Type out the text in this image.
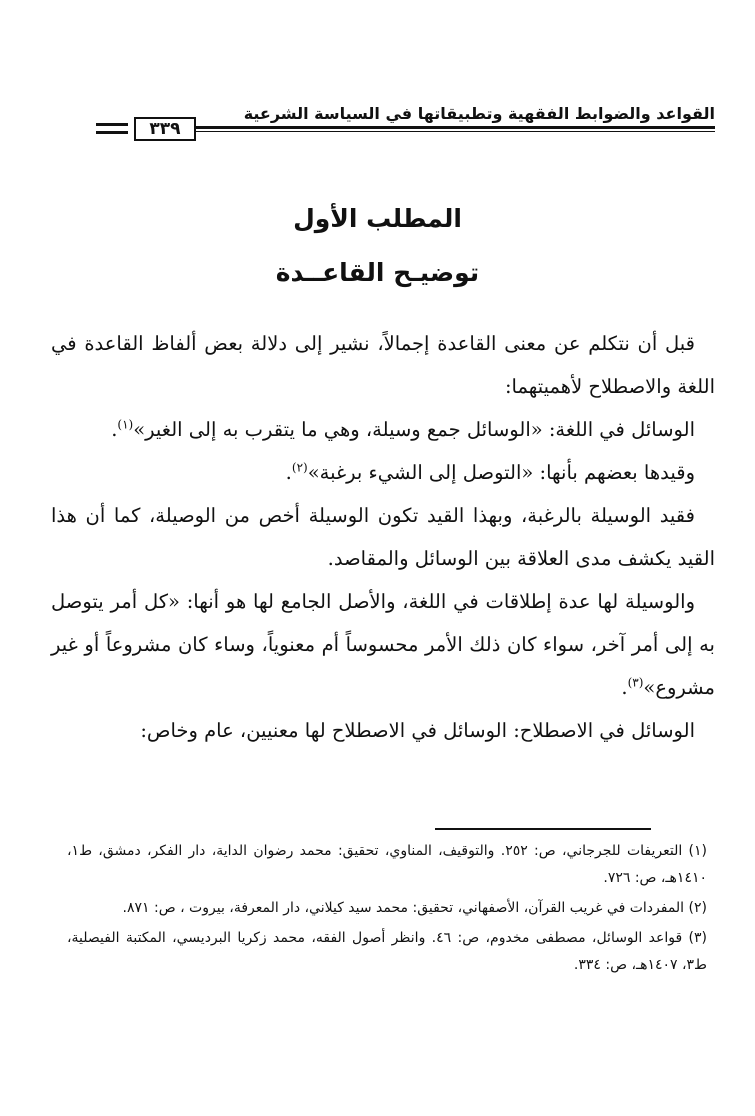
القواعد والضوابط الفقهية وتطبيقاتها في السياسة الشرعية
٣٣٩
المطلب الأول
توضيـح القاعــدة

قبل أن نتكلم عن معنى القاعدة إجمالاً، نشير إلى دلالة بعض ألفاظ القاعدة في اللغة والاصطلاح لأهميتهما:

الوسائل في اللغة: «الوسائل جمع وسيلة، وهي ما يتقرب به إلى الغير»$^{(١)}$.

وقيدها بعضهم بأنها: «التوصل إلى الشيء برغبة»$^{(٢)}$.

فقيد الوسيلة بالرغبة، وبهذا القيد تكون الوسيلة أخص من الوصيلة، كما أن هذا القيد يكشف مدى العلاقة بين الوسائل والمقاصد.

والوسيلة لها عدة إطلاقات في اللغة، والأصل الجامع لها هو أنها: «كل أمر يتوصل به إلى أمر آخر، سواء كان ذلك الأمر محسوساً أم معنوياً، وساء كان مشروعاً أو غير مشروع»$^{(٣)}$.

الوسائل في الاصطلاح: الوسائل في الاصطلاح لها معنيين، عام وخاص:

(١) التعريفات للجرجاني، ص: ٢٥٢. والتوقيف، المناوي، تحقيق: محمد رضوان الداية، دار الفكر، دمشق، ط١، ١٤١٠هـ، ص: ٧٢٦.

(٢) المفردات في غريب القرآن، الأصفهاني، تحقيق: محمد سيد كيلاني، دار المعرفة، بيروت ، ص: ٨٧١.

(٣) قواعد الوسائل، مصطفى مخدوم، ص: ٤٦. وانظر أصول الفقه، محمد زكريا البرديسي، المكتبة الفيصلية، ط٣، ١٤٠٧هـ، ص: ٣٣٤.
